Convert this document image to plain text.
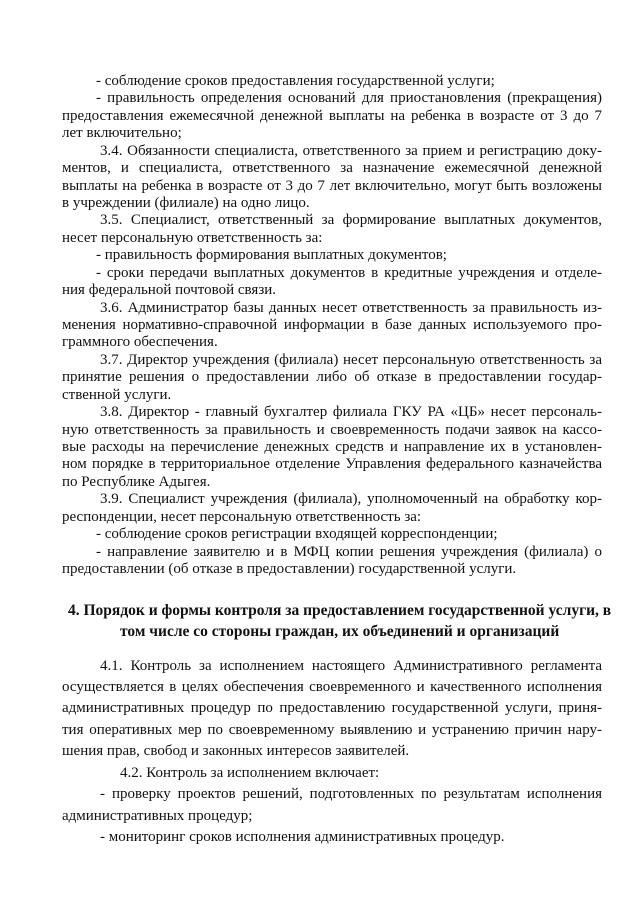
- соблюдение сроков предоставления государственной услуги;
- правильность определения оснований для приостановления (прекращения)
предоставления ежемесячной денежной выплаты на ребенка в возрасте от 3 до 7
лет включительно;
3.4. Обязанности специалиста, ответственного за прием и регистрацию доку-
ментов, и специалиста, ответственного за назначение ежемесячной денежной
выплаты на ребенка в возрасте от 3 до 7 лет включительно, могут быть возложены
в учреждении (филиале) на одно лицо.
3.5. Специалист, ответственный за формирование выплатных документов,
несет персональную ответственность за:
- правильность формирования выплатных документов;
- сроки передачи выплатных документов в кредитные учреждения и отделе-
ния федеральной почтовой связи.
3.6. Администратор базы данных несет ответственность за правильность из-
менения нормативно-справочной информации в базе данных используемого про-
граммного обеспечения.
3.7. Директор учреждения (филиала) несет персональную ответственность за
принятие решения о предоставлении либо об отказе в предоставлении государ-
ственной услуги.
3.8. Директор - главный бухгалтер филиала ГКУ РА «ЦБ» несет персональ-
ную ответственность за правильность и своевременность подачи заявок на кассо-
вые расходы на перечисление денежных средств и направление их в установлен-
ном порядке в территориальное отделение Управления федерального казначейства
по Республике Адыгея.
3.9. Специалист учреждения (филиала), уполномоченный на обработку кор-
респонденции, несет персональную ответственность за:
- соблюдение сроков регистрации входящей корреспонденции;
- направление заявителю и в МФЦ копии решения учреждения (филиала) о
предоставлении (об отказе в предоставлении) государственной услуги.
4. Порядок и формы контроля за предоставлением государственной услуги, в
том числе со стороны граждан, их объединений и организаций
4.1. Контроль за исполнением настоящего Административного регламента
осуществляется в целях обеспечения своевременного и качественного исполнения
административных процедур по предоставлению государственной услуги, приня-
тия оперативных мер по своевременному выявлению и устранению причин нару-
шения прав, свобод и законных интересов заявителей.
4.2. Контроль за исполнением включает:
- проверку проектов решений, подготовленных по результатам исполнения
административных процедур;
- мониторинг сроков исполнения административных процедур.
